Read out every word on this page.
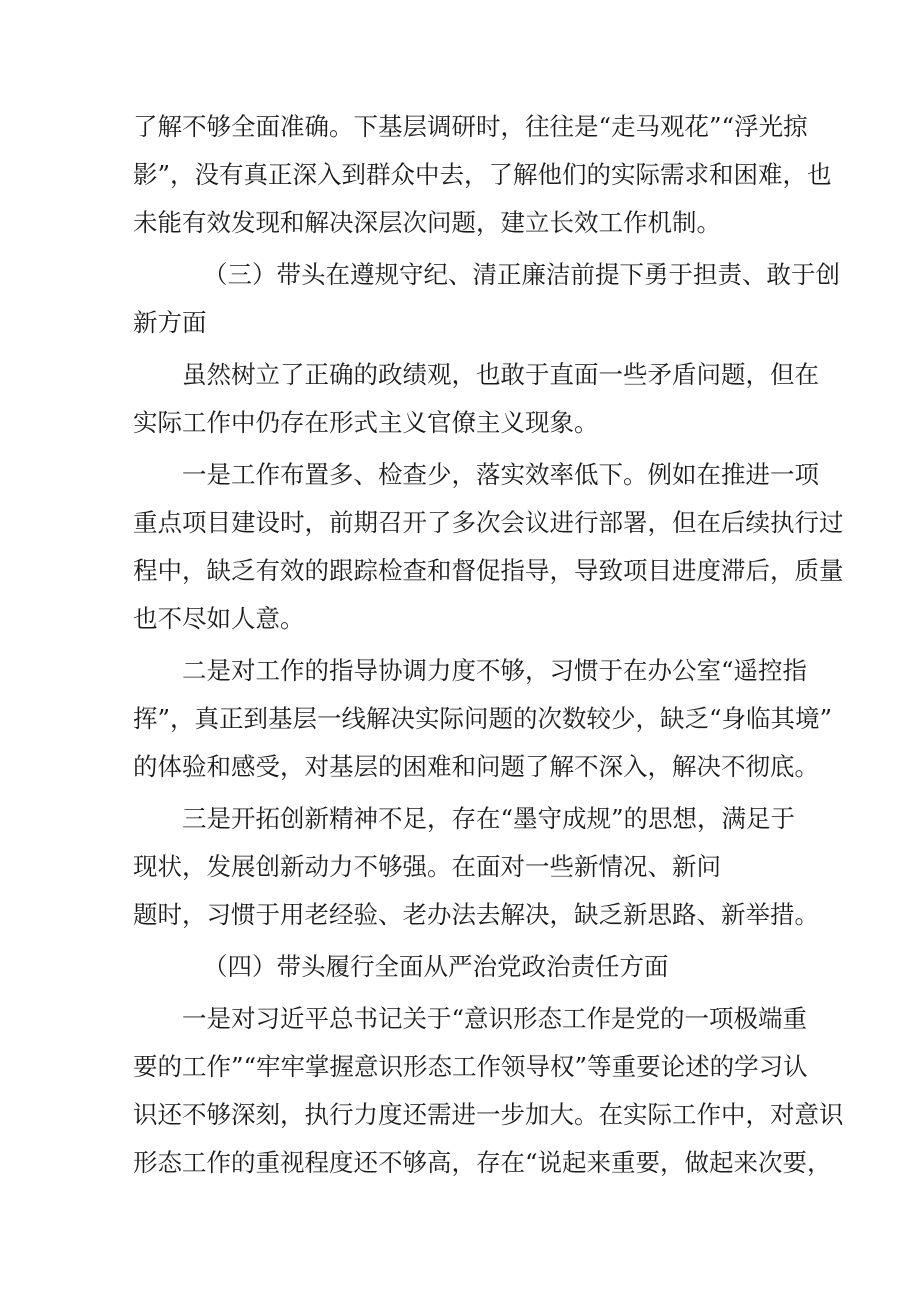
了解不够全面准确。下基层调研时，往往是“走马观花”“浮光掠
影”，没有真正深入到群众中去，了解他们的实际需求和困难，也
未能有效发现和解决深层次问题，建立长效工作机制。
（三）带头在遵规守纪、清正廉洁前提下勇于担责、敢于创
新方面
虽然树立了正确的政绩观，也敢于直面一些矛盾问题，但在
实际工作中仍存在形式主义官僚主义现象。
一是工作布置多、检查少，落实效率低下。例如在推进一项
重点项目建设时，前期召开了多次会议进行部署，但在后续执行过
程中，缺乏有效的跟踪检查和督促指导，导致项目进度滞后，质量
也不尽如人意。
二是对工作的指导协调力度不够，习惯于在办公室“遥控指
挥”，真正到基层一线解决实际问题的次数较少，缺乏“身临其境”
的体验和感受，对基层的困难和问题了解不深入，解决不彻底。
三是开拓创新精神不足，存在“墨守成规”的思想，满足于
现状，发展创新动力不够强。在面对一些新情况、新问
题时，习惯于用老经验、老办法去解决，缺乏新思路、新举措。
（四）带头履行全面从严治党政治责任方面
一是对习近平总书记关于“意识形态工作是党的一项极端重
要的工作”“牢牢掌握意识形态工作领导权”等重要论述的学习认
识还不够深刻，执行力度还需进一步加大。在实际工作中，对意识
形态工作的重视程度还不够高，存在“说起来重要，做起来次要，
